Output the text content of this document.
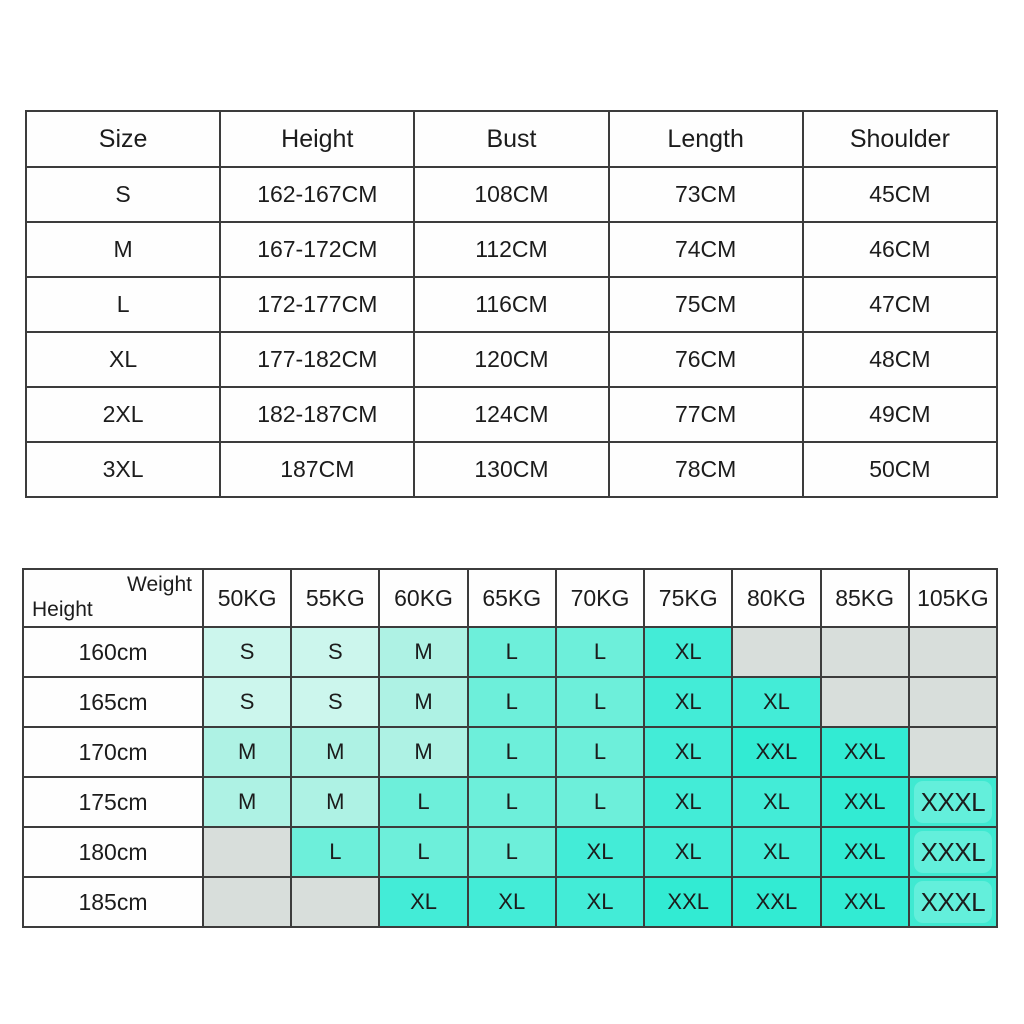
Size	Height	Bust	Length	Shoulder
S	162-167CM	108CM	73CM	45CM
M	167-172CM	112CM	74CM	46CM
L	172-177CM	116CM	75CM	47CM
XL	177-182CM	120CM	76CM	48CM
2XL	182-187CM	124CM	77CM	49CM
3XL	187CM	130CM	78CM	50CM
Weight
Height	50KG	55KG	60KG	65KG	70KG	75KG	80KG	85KG	105KG
160cm	S	S	M	L	L	XL			
165cm	S	S	M	L	L	XL	XL		
170cm	M	M	M	L	L	XL	XXL	XXL	
175cm	M	M	L	L	L	XL	XL	XXL	XXXL

180cm		L	L	L	XL	XL	XL	XXL	XXXL

185cm			XL	XL	XL	XXL	XXL	XXL	XXXL
